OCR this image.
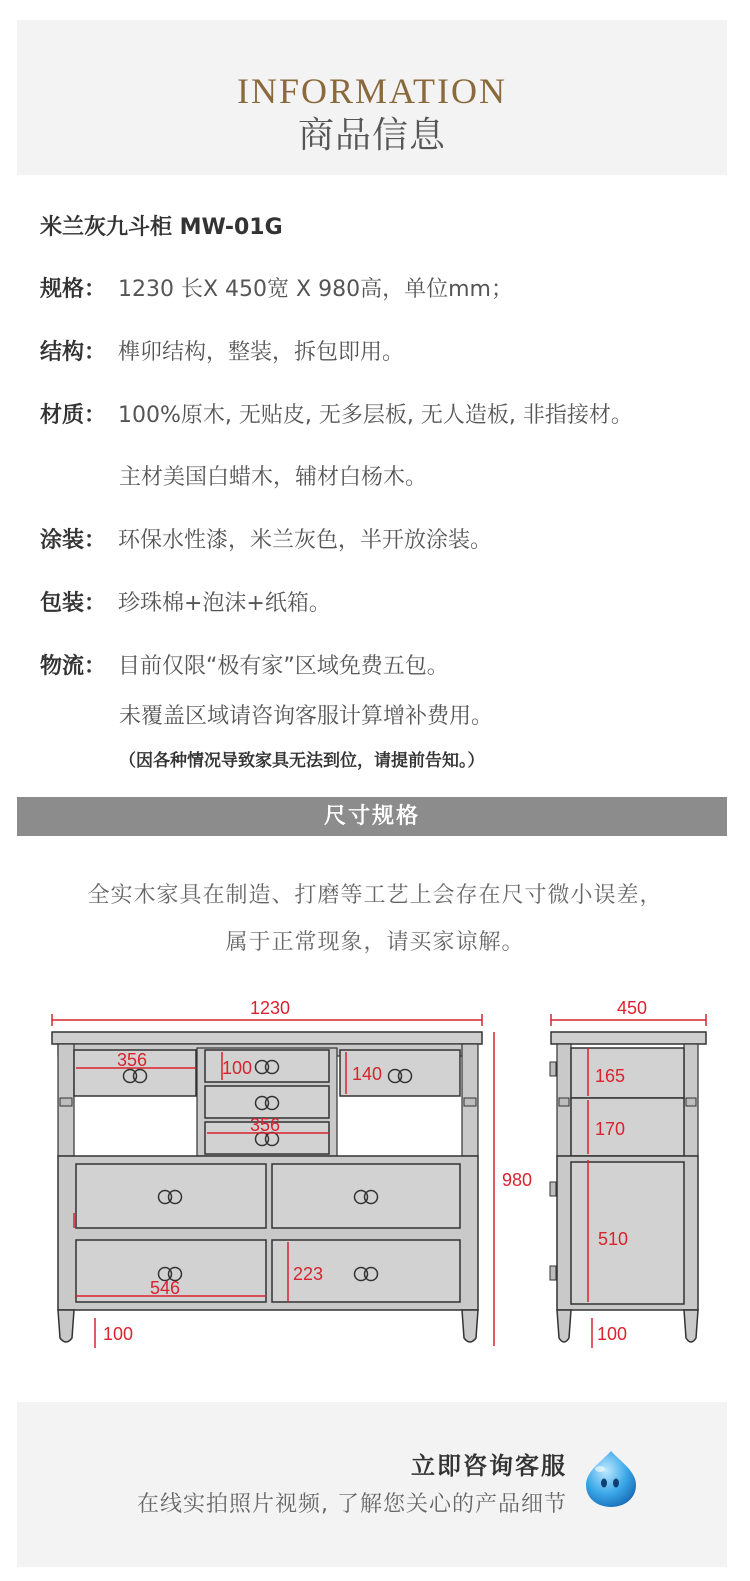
INFORMATION
商品信息
米兰灰九斗柜 MW-01G
规格： 1230 长X 450宽 X 980高，单位mm；
结构： 榫卯结构，整装，拆包即用。
材质： 100%原木, 无贴皮, 无多层板, 无人造板, 非指接材。
主材美国白蜡木，辅材白杨木。
涂装： 环保水性漆，米兰灰色，半开放涂装。
包装： 珍珠棉+泡沫+纸箱。
物流： 目前仅限“极有家”区域免费五包。
未覆盖区域请咨询客服计算增补费用。
（因各种情况导致家具无法到位，请提前告知。）
尺寸规格
全实木家具在制造、打磨等工艺上会存在尺寸微小误差，
属于正常现象，请买家谅解。
1230
356	100	140
356
980
223
546
100
450
165
170
510
100
立即咨询客服
在线实拍照片视频, 了解您关心的产品细节
